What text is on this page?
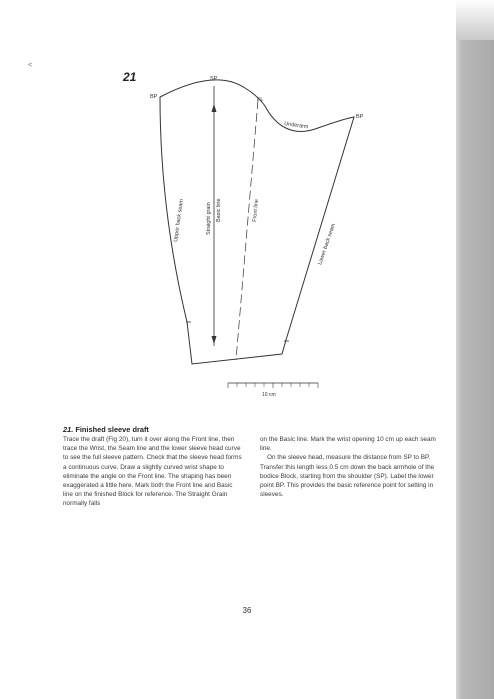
˂
21	SP
BP	FL
BP
Underarm
Straight grain Basic line	Front line
Upper back seam
Lower back seam
10 cm
21. Finished sleeve draft

Trace the draft (Fig 20), turn it over along the Front line, then trace the Wrist, the Seam line and the lower sleeve head curve to see the full sleeve pattern. Check that the sleeve head forms a continuous curve. Draw a slightly curved wrist shape to eliminate the angle on the Front line. The shaping has been exaggerated a little here. Mark both the Front line and Basic line on the finished Block for reference. The Straight Grain normally falls

on the Basic line. Mark the wrist opening 10 cm up each seam line.

On the sleeve head, measure the distance from SP to BP. Transfer this length less 0.5 cm down the back armhole of the bodice Block, starting from the shoulder (SP). Label the lower point BP. This provides the basic reference point for setting in sleeves.

36
